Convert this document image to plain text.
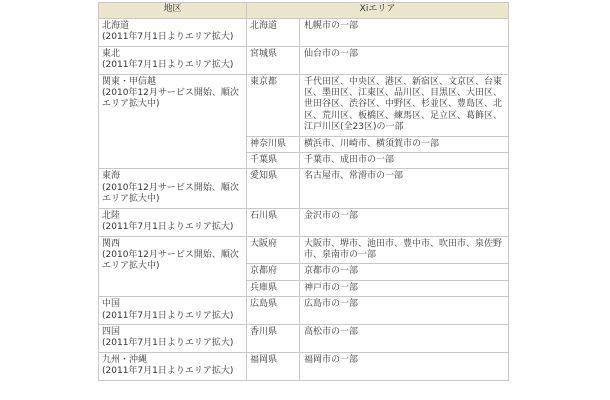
地区	Xiエリア	

北海道
(2011年7月1日よりエリア拡大)	北海道	札幌市の一部

東北
(2011年7月1日よりエリア拡大)	宮城県	仙台市の一部

関東・甲信越
(2010年12月サービス開始、順次エリア拡大中)	東京都	千代田区、中央区、港区、新宿区、文京区、台東区、墨田区、江東区、品川区、目黒区、大田区、世田谷区、渋谷区、中野区、杉並区、豊島区、北区、荒川区、板橋区、練馬区、足立区、葛飾区、江戸川区(全23区)の一部
	神奈川県	横浜市、川崎市、横須賀市の一部
	千葉県	千葉市、成田市の一部

東海
(2010年12月サービス開始、順次エリア拡大中)	愛知県	名古屋市、常滑市の一部

北陸
(2011年7月1日よりエリア拡大)	石川県	金沢市の一部

関西
(2010年12月サービス開始、順次エリア拡大中)	大阪府	大阪市、堺市、池田市、豊中市、吹田市、泉佐野市、泉南市の一部
	京都府	京都市の一部
	兵庫県	神戸市の一部

中国
(2011年7月1日よりエリア拡大)	広島県	広島市の一部

四国
(2011年7月1日よりエリア拡大)	香川県	高松市の一部

九州・沖縄
(2011年7月1日よりエリア拡大)	福岡県	福岡市の一部
